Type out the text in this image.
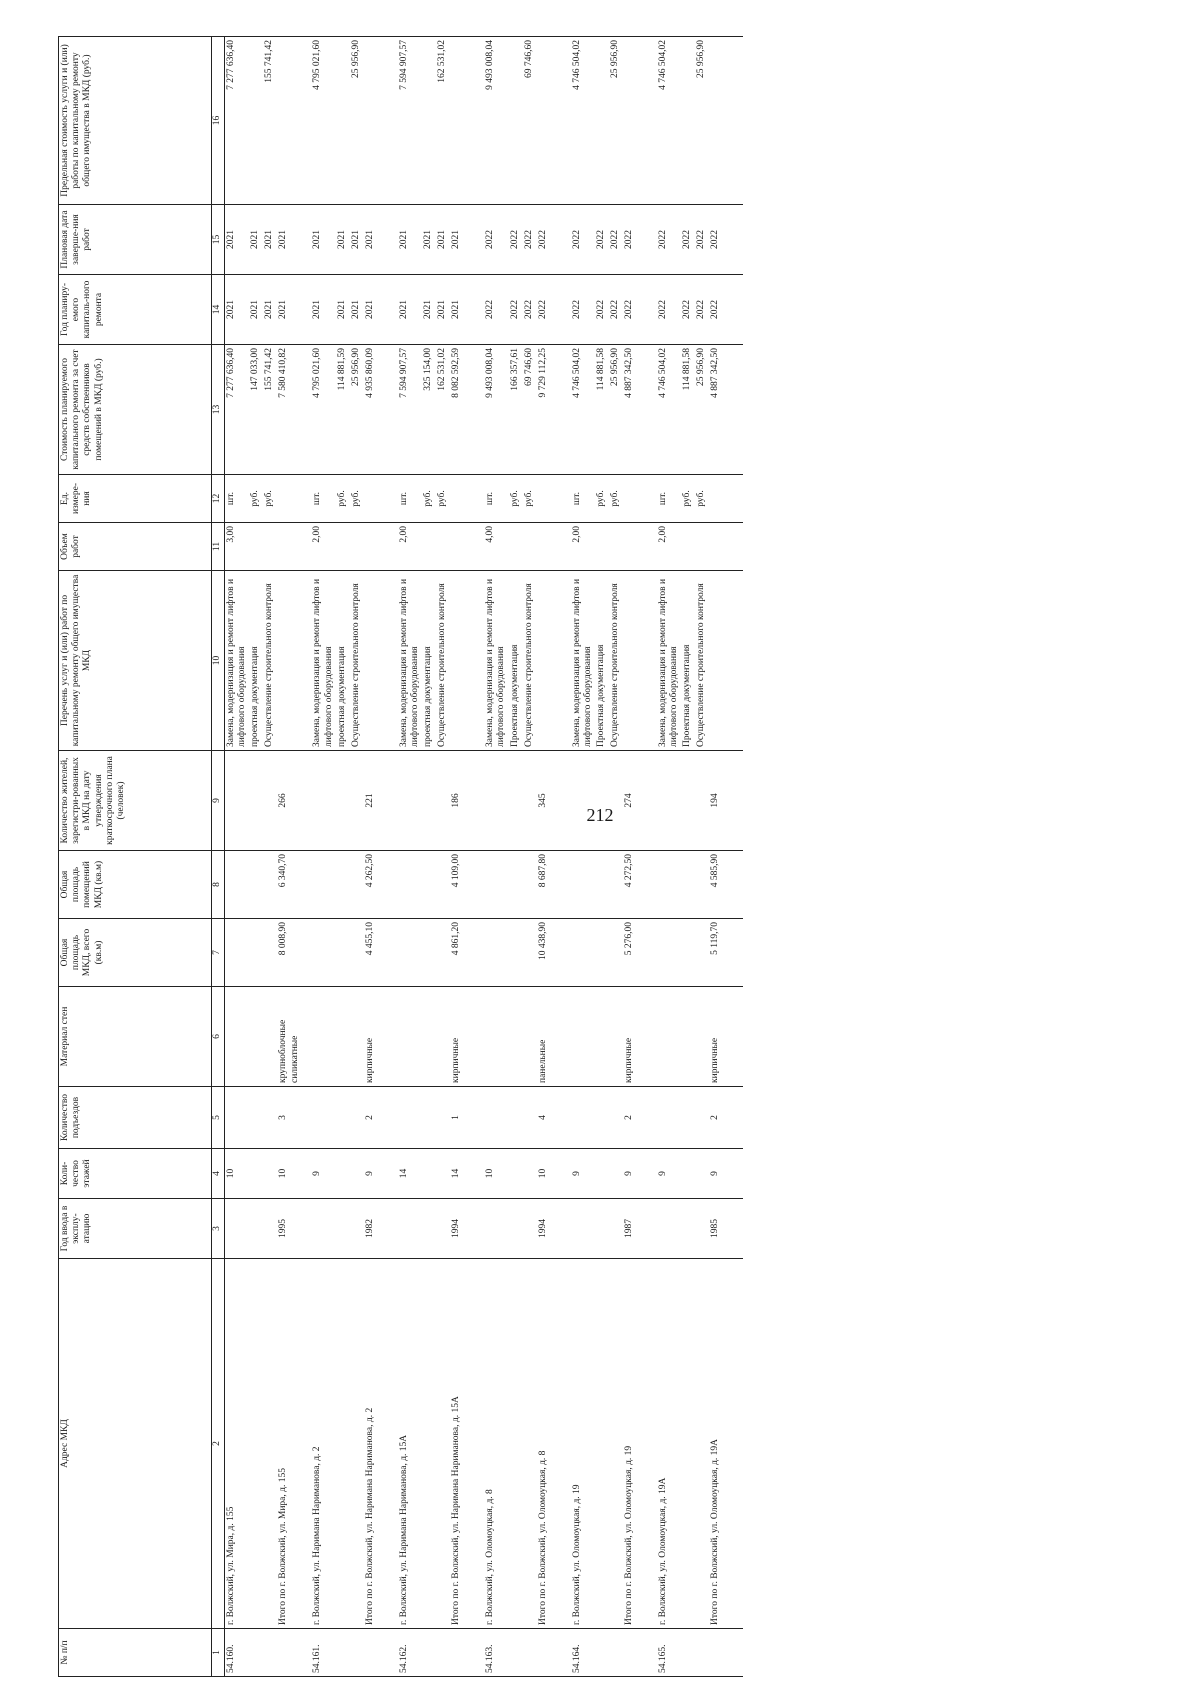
212
№ п/п	Адрес МКД	Год ввода в эксплу-атацию	Коли-чество этажей	Количество подъездов	Материал стен	Общая площадь МКД, всего (кв.м)	Общая площадь помещений МКД (кв.м)	Количество жителей, зарегистри-рованных в МКД на дату утверждения краткосрочного плана (человек)	Перечень услуг и (или) работ по капитальному ремонту общего имущества МКД	Объем работ	Ед. измере-ния	Стоимость планируемого капитального ремонта за счет средств собственников помещений в МКД (руб.)	Год планиру-емого капиталь-ного ремонта	Плановая дата заверше-ния работ	Предельная стоимость услуги и (или) работы по капитальному ремонту общего имущества в МКД (руб.)
1	2	3	4	5	6	7	8	9	10	11	12	13	14	15	16
54.160.	г. Волжский, ул. Мира, д. 155		10						Замена, модернизация и ремонт лифтов и лифтового оборудования	3,00	шт.	7 277 636,40	2021	2021	7 277 636,40
									проектная документация		руб.	147 033,00	2021	2021	
									Осуществление строительного контроля		руб.	155 741,42	2021	2021	155 741,42
	Итого по г. Волжский, ул. Мира, д. 155	1995	10	3	крупноблочные силикатные	8 008,90	6 340,70	266				7 580 410,82	2021	2021	
54.161.	г. Волжский, ул. Наримана Нариманова, д. 2		9						Замена, модернизация и ремонт лифтов и лифтового оборудования	2,00	шт.	4 795 021,60	2021	2021	4 795 021,60
									проектная документация		руб.	114 881,59	2021	2021	
									Осуществление строительного контроля		руб.	25 956,90	2021	2021	25 956,90
	Итого по г. Волжский, ул. Наримана Нариманова, д. 2	1982	9	2	кирпичные	4 455,10	4 262,50	221				4 935 860,09	2021	2021	
54.162.	г. Волжский, ул. Наримана Нариманова, д. 15А		14						Замена, модернизация и ремонт лифтов и лифтового оборудования	2,00	шт.	7 594 907,57	2021	2021	7 594 907,57
									проектная документация		руб.	325 154,00	2021	2021	
									Осуществление строительного контроля		руб.	162 531,02	2021	2021	162 531,02
	Итого по г. Волжский, ул. Наримана Нариманова, д. 15А	1994	14	1	кирпичные	4 861,20	4 109,00	186				8 082 592,59	2021	2021	
54.163.	г. Волжский, ул. Оломоуцкая, д. 8		10						Замена, модернизация и ремонт лифтов и лифтового оборудования	4,00	шт.	9 493 008,04	2022	2022	9 493 008,04
									Проектная документация		руб.	166 357,61	2022	2022	
									Осуществление строительного контроля		руб.	69 746,60	2022	2022	69 746,60
	Итого по г. Волжский, ул. Оломоуцкая, д. 8	1994	10	4	панельные	10 438,90	8 687,80	345				9 729 112,25	2022	2022	
54.164.	г. Волжский, ул. Оломоуцкая, д. 19		9						Замена, модернизация и ремонт лифтов и лифтового оборудования	2,00	шт.	4 746 504,02	2022	2022	4 746 504,02
									Проектная документация		руб.	114 881,58	2022	2022	
									Осуществление строительного контроля		руб.	25 956,90	2022	2022	25 956,90
	Итого по г. Волжский, ул. Оломоуцкая, д. 19	1987	9	2	кирпичные	5 276,00	4 272,50	274				4 887 342,50	2022	2022	
54.165.	г. Волжский, ул. Оломоуцкая, д. 19А		9						Замена, модернизация и ремонт лифтов и лифтового оборудования	2,00	шт.	4 746 504,02	2022	2022	4 746 504,02
									Проектная документация		руб.	114 881,58	2022	2022	
									Осуществление строительного контроля		руб.	25 956,90	2022	2022	25 956,90
	Итого по г. Волжский, ул. Оломоуцкая, д. 19А	1985	9	2	кирпичные	5 119,70	4 585,90	194				4 887 342,50	2022	2022	
